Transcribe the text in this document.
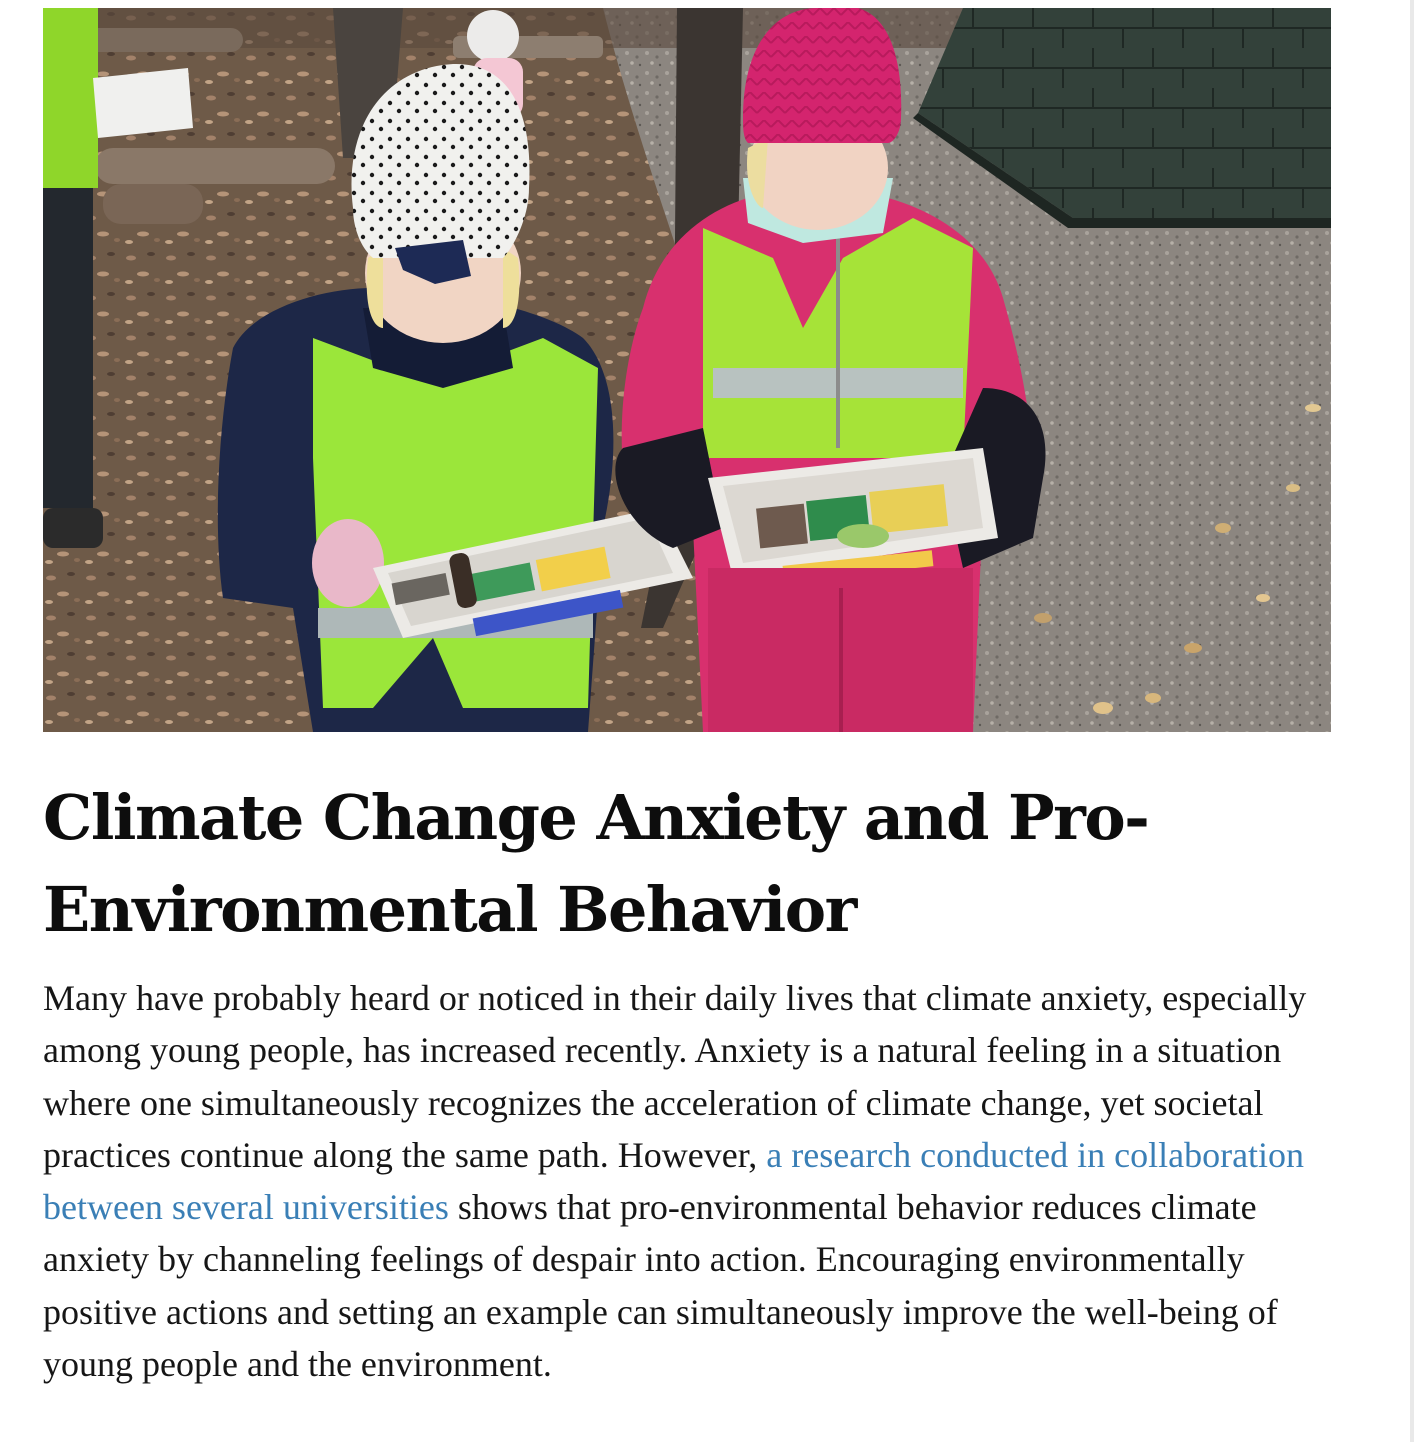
Climate Change Anxiety and Pro-Environmental Behavior

Many have probably heard or noticed in their daily lives that climate anxiety, especially among young people, has increased recently. Anxiety is a natural feeling in a situation where one simultaneously recognizes the acceleration of climate change, yet societal practices continue along the same path. However, a research conducted in collaboration between several universities shows that pro-environmental behavior reduces climate anxiety by channeling feelings of despair into action. Encouraging environmentally positive actions and setting an example can simultaneously improve the well-being of young people and the environment.
